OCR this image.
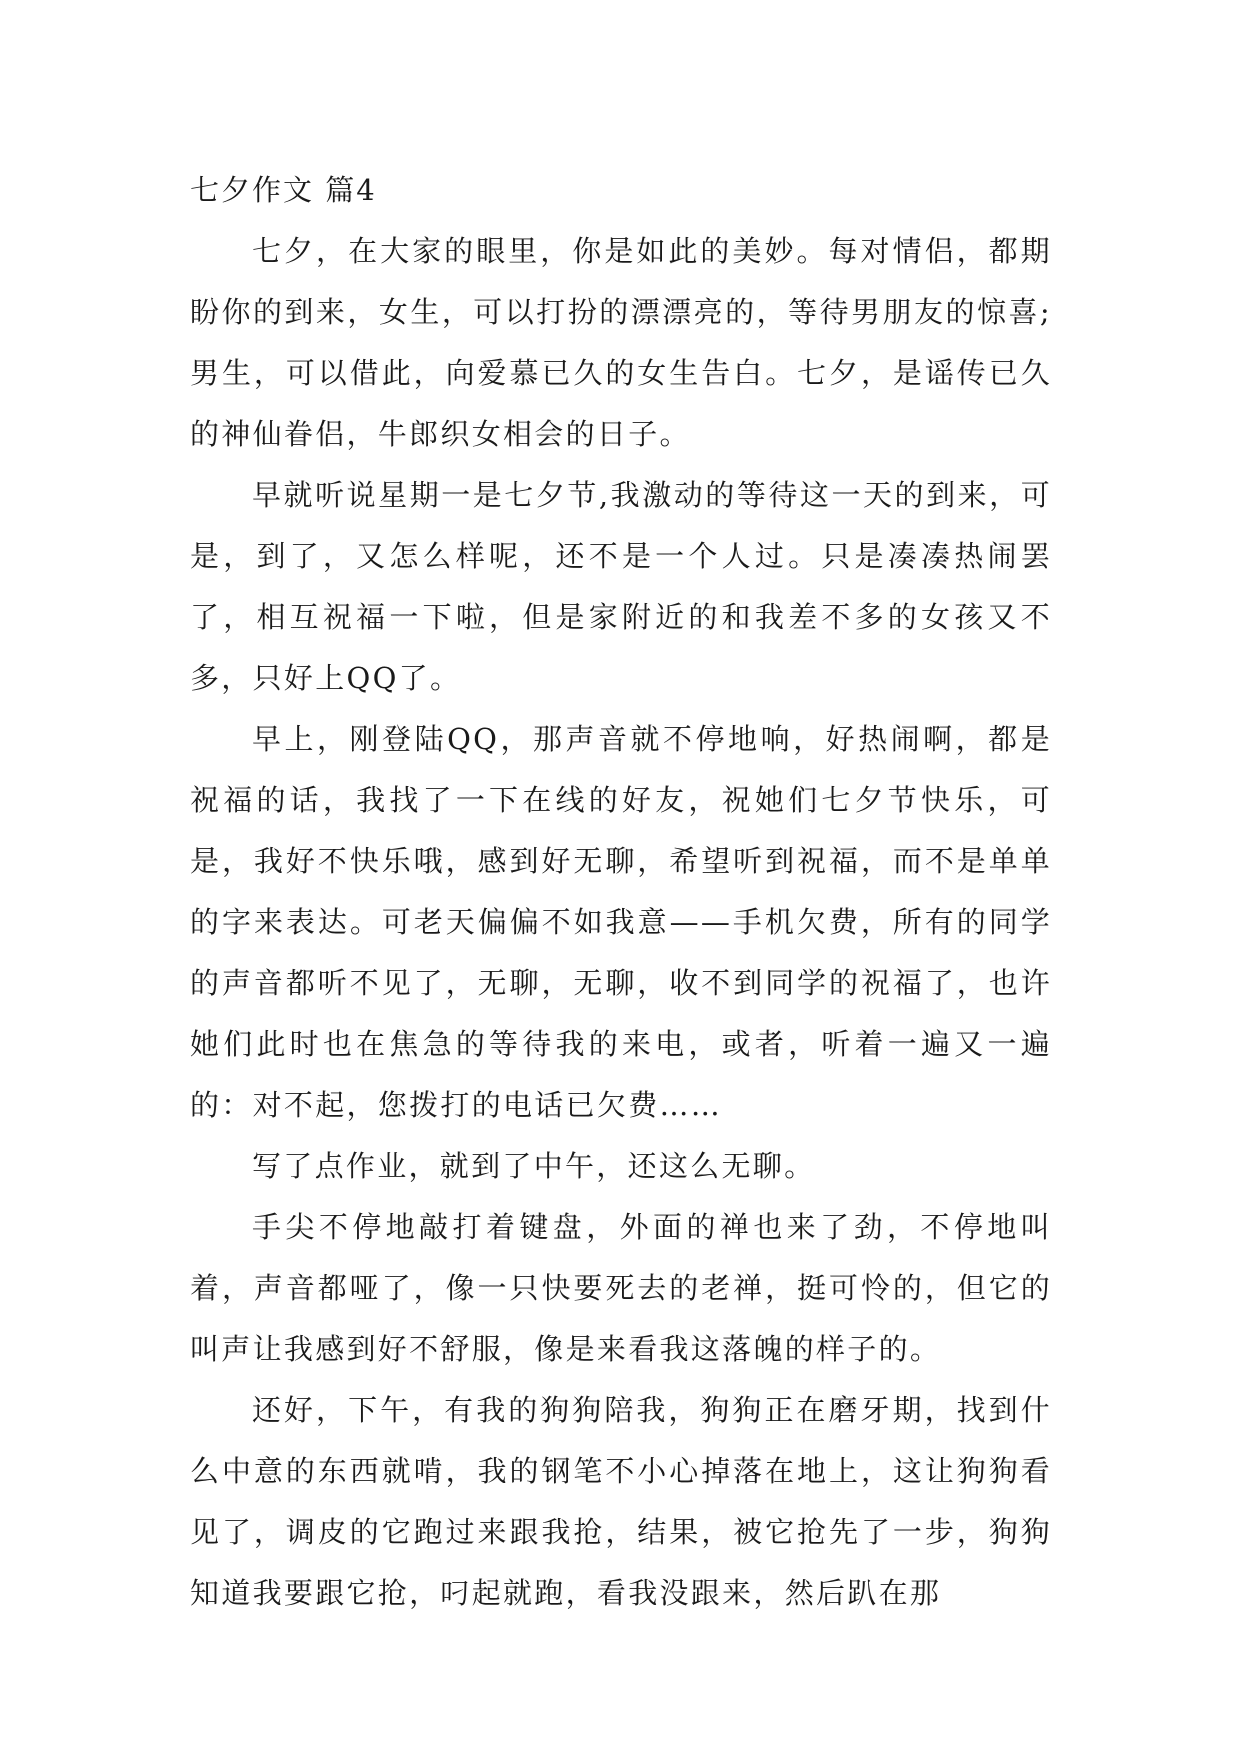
七夕作文 篇4

七夕，在大家的眼里，你是如此的美妙。每对情侣，都期盼你的到来，女生，可以打扮的漂漂亮的，等待男朋友的惊喜;男生，可以借此，向爱慕已久的女生告白。七夕，是谣传已久的神仙眷侣，牛郎织女相会的日子。

早就听说星期一是七夕节,我激动的等待这一天的到来，可是，到了，又怎么样呢，还不是一个人过。只是凑凑热闹罢了，相互祝福一下啦，但是家附近的和我差不多的女孩又不多，只好上QQ了。

早上，刚登陆QQ，那声音就不停地响，好热闹啊，都是祝福的话，我找了一下在线的好友，祝她们七夕节快乐，可是，我好不快乐哦，感到好无聊，希望听到祝福，而不是单单的字来表达。可老天偏偏不如我意——手机欠费，所有的同学的声音都听不见了，无聊，无聊，收不到同学的祝福了，也许她们此时也在焦急的等待我的来电，或者，听着一遍又一遍的：对不起，您拨打的电话已欠费……

写了点作业，就到了中午，还这么无聊。

手尖不停地敲打着键盘，外面的禅也来了劲，不停地叫着，声音都哑了，像一只快要死去的老禅，挺可怜的，但它的叫声让我感到好不舒服，像是来看我这落魄的样子的。

还好，下午，有我的狗狗陪我，狗狗正在磨牙期，找到什么中意的东西就啃，我的钢笔不小心掉落在地上，这让狗狗看见了，调皮的它跑过来跟我抢，结果，被它抢先了一步，狗狗知道我要跟它抢，叼起就跑，看我没跟来，然后趴在那
